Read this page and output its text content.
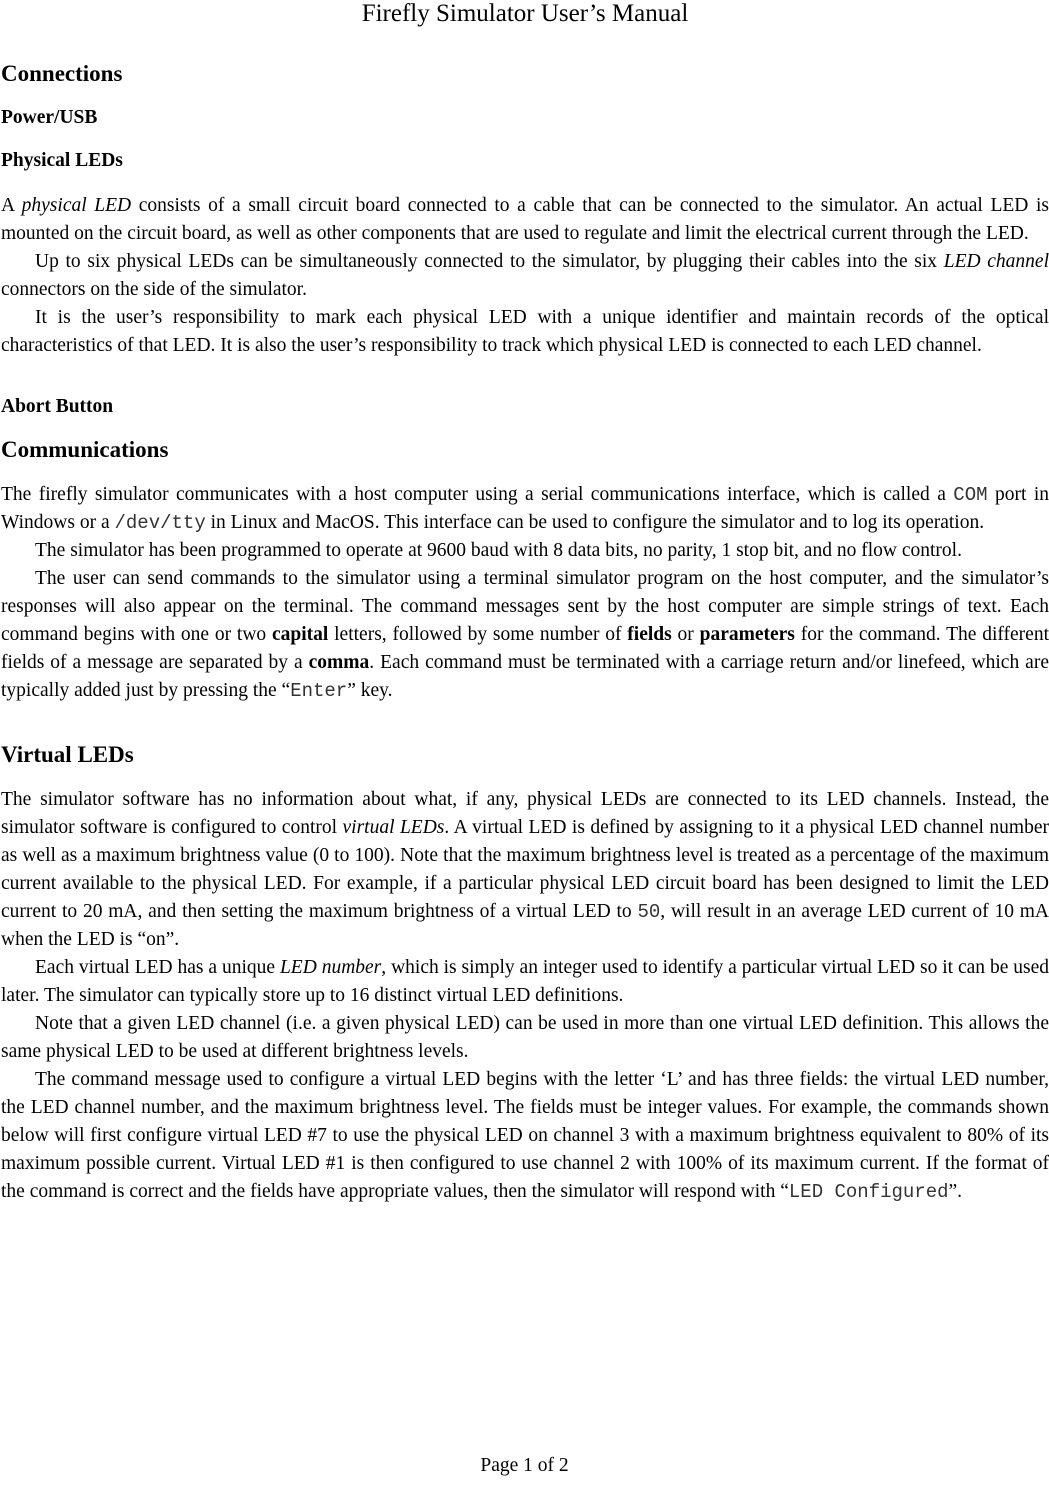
Firefly Simulator User’s Manual
Connections
Power/USB
Physical LEDs

A physical LED consists of a small circuit board connected to a cable that can be connected to the simulator. An actual LED is mounted on the circuit board, as well as other components that are used to regulate and limit the electrical current through the LED.

Up to six physical LEDs can be simultaneously connected to the simulator, by plugging their cables into the six LED channel connectors on the side of the simulator.

It is the user’s responsibility to mark each physical LED with a unique identifier and maintain records of the optical characteristics of that LED. It is also the user’s responsibility to track which physical LED is connected to each LED channel.

Abort Button
Communications

The firefly simulator communicates with a host computer using a serial communications interface, which is called a COM port in Windows or a /dev/tty in Linux and MacOS. This interface can be used to configure the simulator and to log its operation.

The simulator has been programmed to operate at 9600 baud with 8 data bits, no parity, 1 stop bit, and no flow control.

The user can send commands to the simulator using a terminal simulator program on the host computer, and the simulator’s responses will also appear on the terminal. The command messages sent by the host computer are simple strings of text. Each command begins with one or two capital letters, followed by some number of fields or parameters for the command. The different fields of a message are separated by a comma. Each command must be terminated with a carriage return and/or linefeed, which are typically added just by pressing the “Enter” key.

Virtual LEDs

The simulator software has no information about what, if any, physical LEDs are connected to its LED channels. Instead, the simulator software is configured to control virtual LEDs. A virtual LED is defined by assigning to it a physical LED channel number as well as a maximum brightness value (0 to 100). Note that the maximum brightness level is treated as a percentage of the maximum current available to the physical LED. For example, if a particular physical LED circuit board has been designed to limit the LED current to 20 mA, and then setting the maximum brightness of a virtual LED to 50, will result in an average LED current of 10 mA when the LED is “on”.

Each virtual LED has a unique LED number, which is simply an integer used to identify a particular virtual LED so it can be used later. The simulator can typically store up to 16 distinct virtual LED definitions.

Note that a given LED channel (i.e. a given physical LED) can be used in more than one virtual LED definition. This allows the same physical LED to be used at different brightness levels.

The command message used to configure a virtual LED begins with the letter ‘L’ and has three fields: the virtual LED number, the LED channel number, and the maximum brightness level. The fields must be integer values. For example, the commands shown below will first configure virtual LED #7 to use the physical LED on channel 3 with a maximum brightness equivalent to 80% of its maximum possible current. Virtual LED #1 is then configured to use channel 2 with 100% of its maximum current. If the format of the command is correct and the fields have appropriate values, then the simulator will respond with “LED Configured”.

Page 1 of 2
